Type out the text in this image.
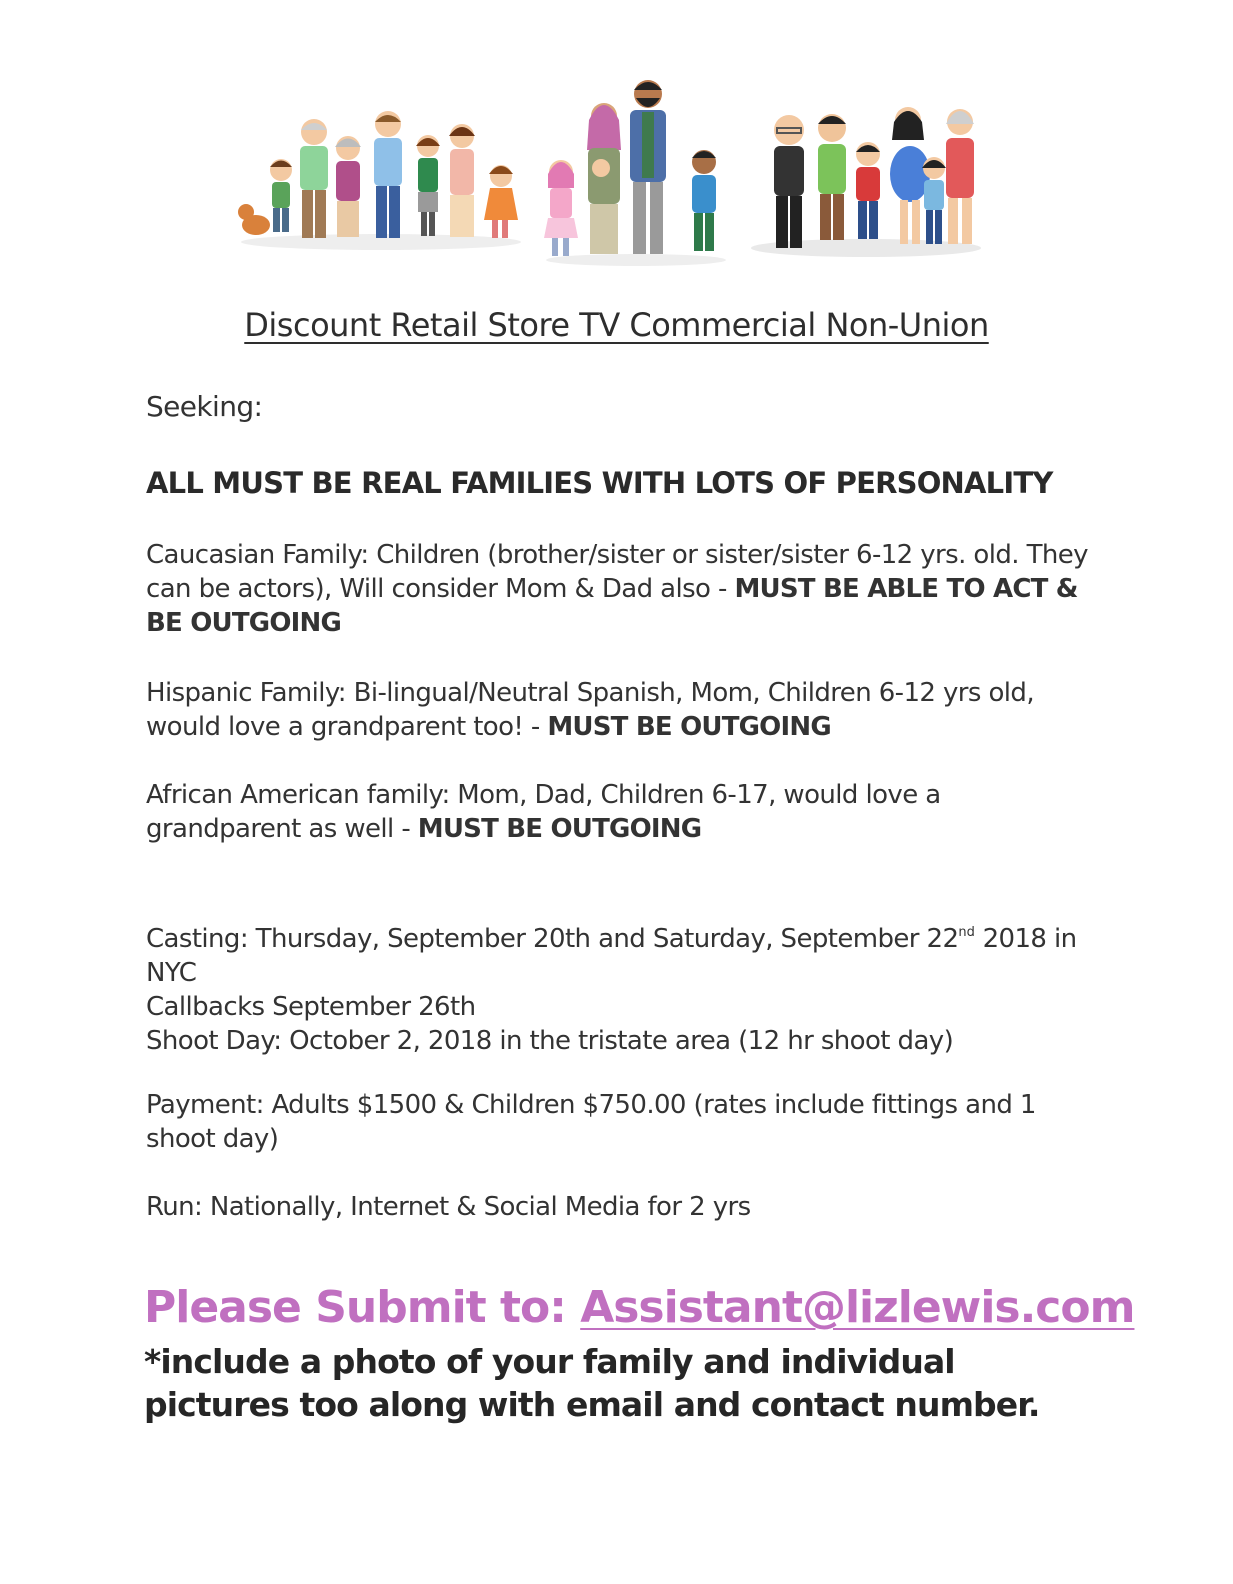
Discount Retail Store TV Commercial Non-Union
Seeking:
ALL MUST BE REAL FAMILIES WITH LOTS OF PERSONALITY
Caucasian Family: Children (brother/sister or sister/sister 6-12 yrs. old. They can be actors), Will consider Mom & Dad also - MUST BE ABLE TO ACT & BE OUTGOING
Hispanic Family: Bi-lingual/Neutral Spanish, Mom, Children 6-12 yrs old, would love a grandparent too! - MUST BE OUTGOING
African American family: Mom, Dad, Children 6-17, would love a grandparent as well - MUST BE OUTGOING
Casting: Thursday, September 20th and Saturday, September 22nd 2018 in NYC
Callbacks September 26th
Shoot Day: October 2, 2018 in the tristate area (12 hr shoot day)
Payment: Adults $1500 & Children $750.00 (rates include fittings and 1 shoot day)
Run: Nationally, Internet & Social Media for 2 yrs
Please Submit to: Assistant@lizlewis.com
*include a photo of your family and individual pictures too along with email and contact number.
